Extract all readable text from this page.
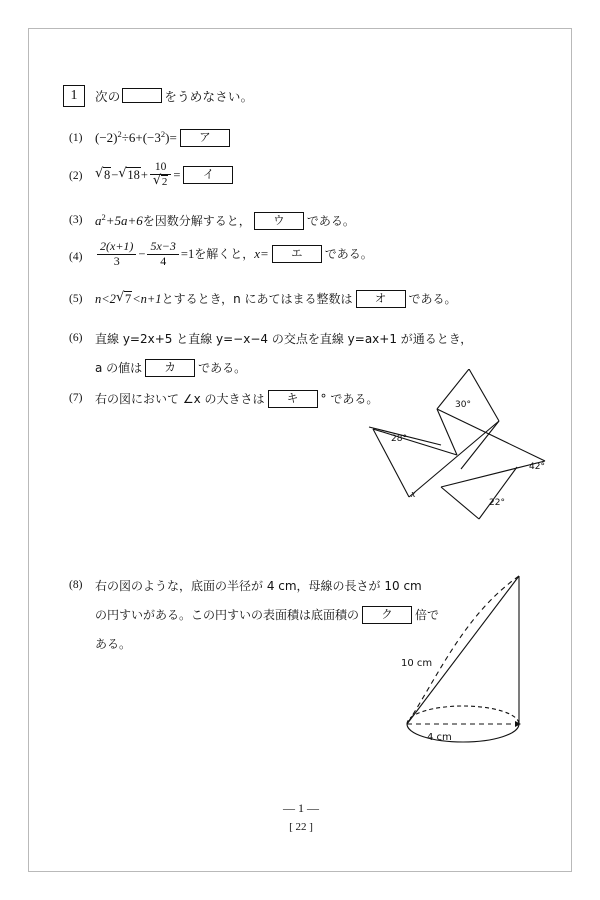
1	次の	をうめなさい。
(1) $(-2)^2\div 6+(-3^2)=$ ア
(2)	√ 8− √ 18+ 10
√ 2 = イ
(3) $a^2+5a+6$を因数分解すると， ウ である。
$(4) \frac{2(x+1)}{3} - \frac{5x-3}{4} =1$を解くと，x= エ である。
(5) n<2 √ 7<n+1とするとき，n にあてはまる整数は オ である。
(6) 直線 y=2x+5 と直線 y=−x−4 の交点を直線 y=ax+1 が通るとき，
a の値は カ である。
(7) 右の図において ∠x の大きさは キ ° である。
28°
30°
42°
22°
x
(8) 右の図のような，底面の半径が 4 cm，母線の長さが 10 cm
の円すいがある。この円すいの表面積は底面積の ク 倍で
ある。
10 cm
4 cm
— 1 —
[ 22 ]
